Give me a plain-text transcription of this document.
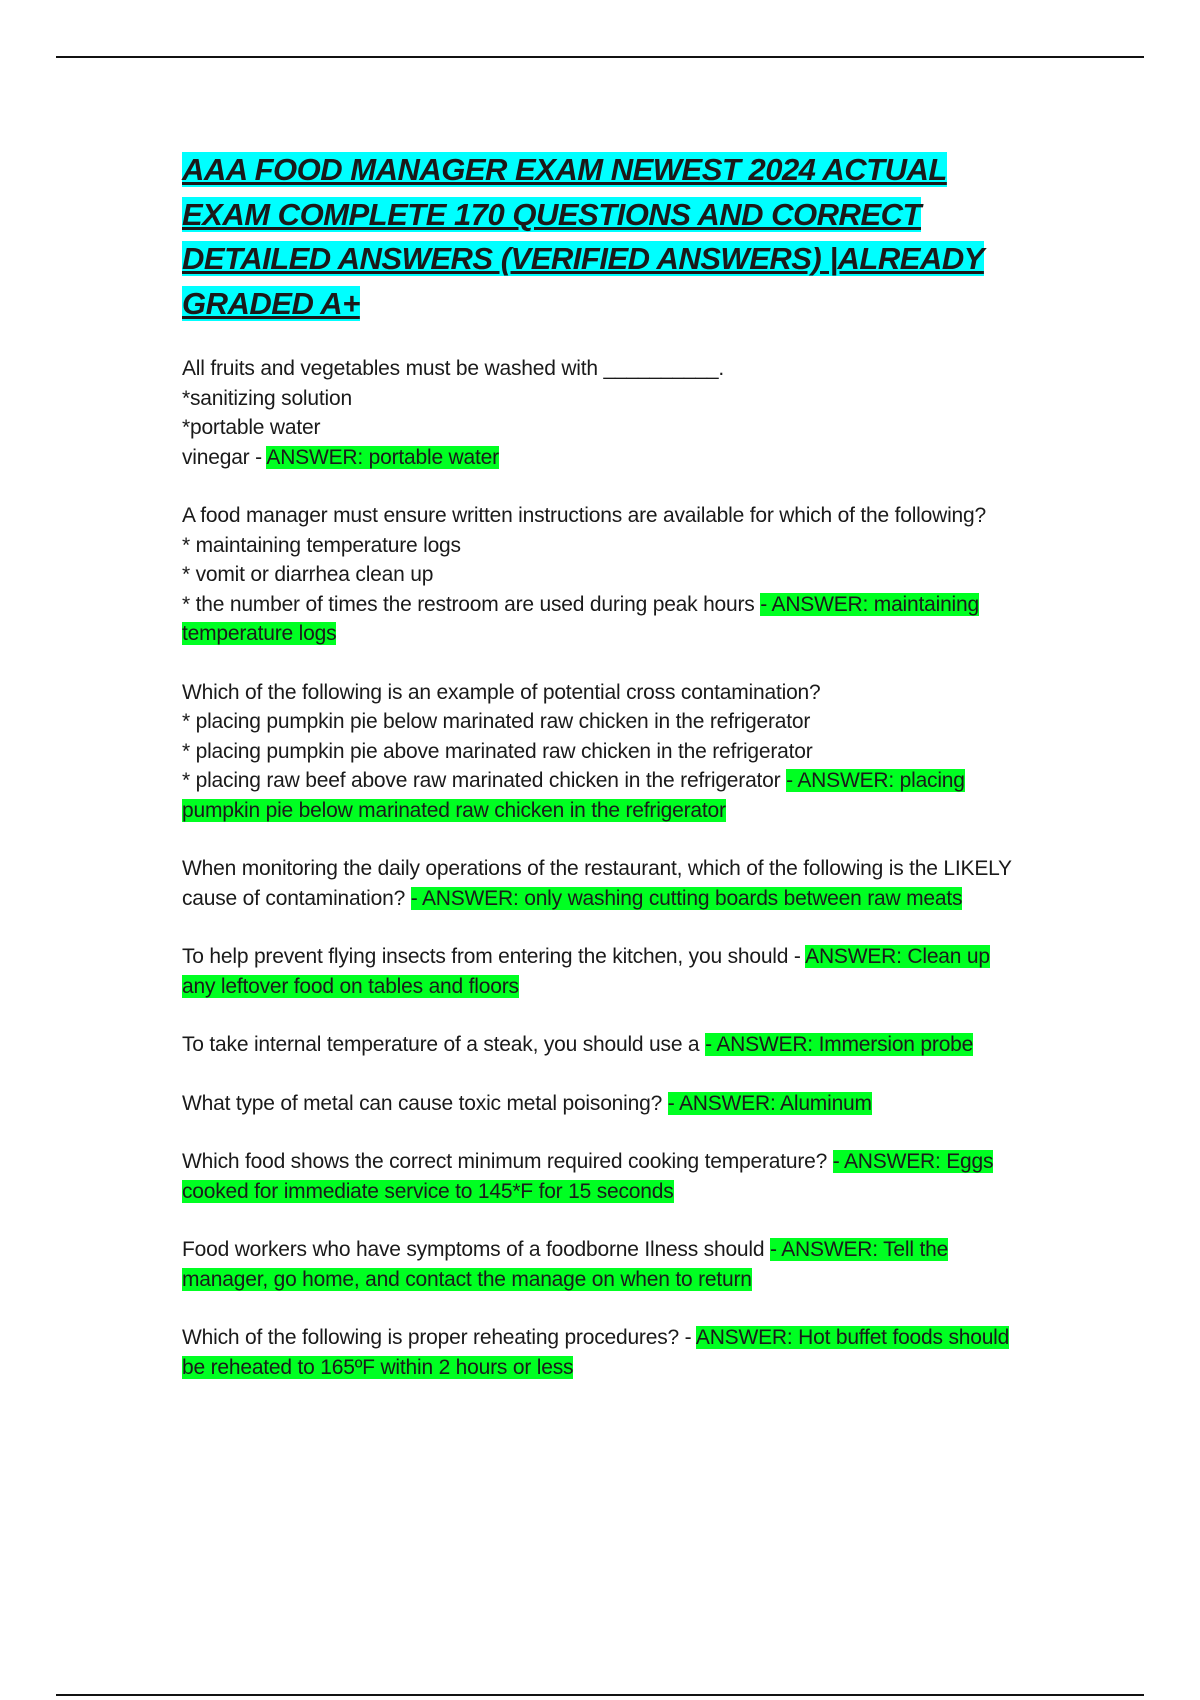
AAA FOOD MANAGER EXAM NEWEST 2024 ACTUAL EXAM COMPLETE 170 QUESTIONS AND CORRECT DETAILED ANSWERS (VERIFIED ANSWERS) |ALREADY GRADED A+
All fruits and vegetables must be washed with __________.
*sanitizing solution
*portable water
vinegar - ANSWER: portable water
A food manager must ensure written instructions are available for which of the following?
* maintaining temperature logs
* vomit or diarrhea clean up
* the number of times the restroom are used during peak hours - ANSWER: maintaining temperature logs
Which of the following is an example of potential cross contamination?
* placing pumpkin pie below marinated raw chicken in the refrigerator
* placing pumpkin pie above marinated raw chicken in the refrigerator
* placing raw beef above raw marinated chicken in the refrigerator - ANSWER: placing pumpkin pie below marinated raw chicken in the refrigerator
When monitoring the daily operations of the restaurant, which of the following is the LIKELY cause of contamination? - ANSWER: only washing cutting boards between raw meats
To help prevent flying insects from entering the kitchen, you should - ANSWER: Clean up any leftover food on tables and floors
To take internal temperature of a steak, you should use a - ANSWER: Immersion probe
What type of metal can cause toxic metal poisoning? - ANSWER: Aluminum
Which food shows the correct minimum required cooking temperature? - ANSWER: Eggs cooked for immediate service to 145*F for 15 seconds
Food workers who have symptoms of a foodborne Ilness should - ANSWER: Tell the manager, go home, and contact the manage on when to return
Which of the following is proper reheating procedures? - ANSWER: Hot buffet foods should be reheated to 165ºF within 2 hours or less
